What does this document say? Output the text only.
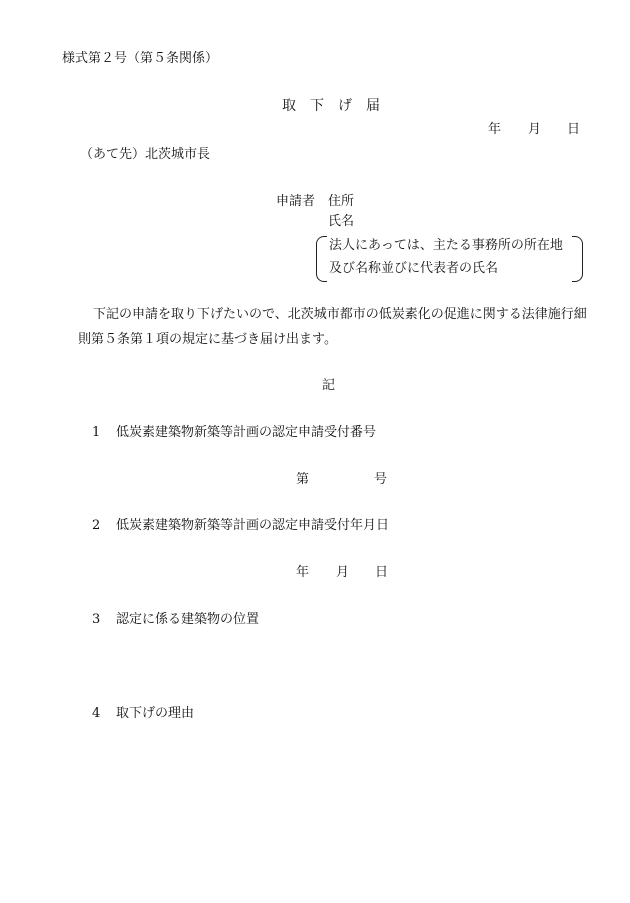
様式第２号（第５条関係）
取　下　げ　届
年 月 日
（あて先）北茨城市長
申請者 住所
氏名
法人にあっては、主たる事務所の所在地
及び名称並びに代表者の氏名
下記の申請を取り下げたいので、北茨城市都市の低炭素化の促進に関する法律施行細
則第５条第１項の規定に基づき届け出ます。
記
1 低炭素建築物新築等計画の認定申請受付番号
第	号
2 低炭素建築物新築等計画の認定申請受付年月日
年 月 日
3 認定に係る建築物の位置
4 取下げの理由
